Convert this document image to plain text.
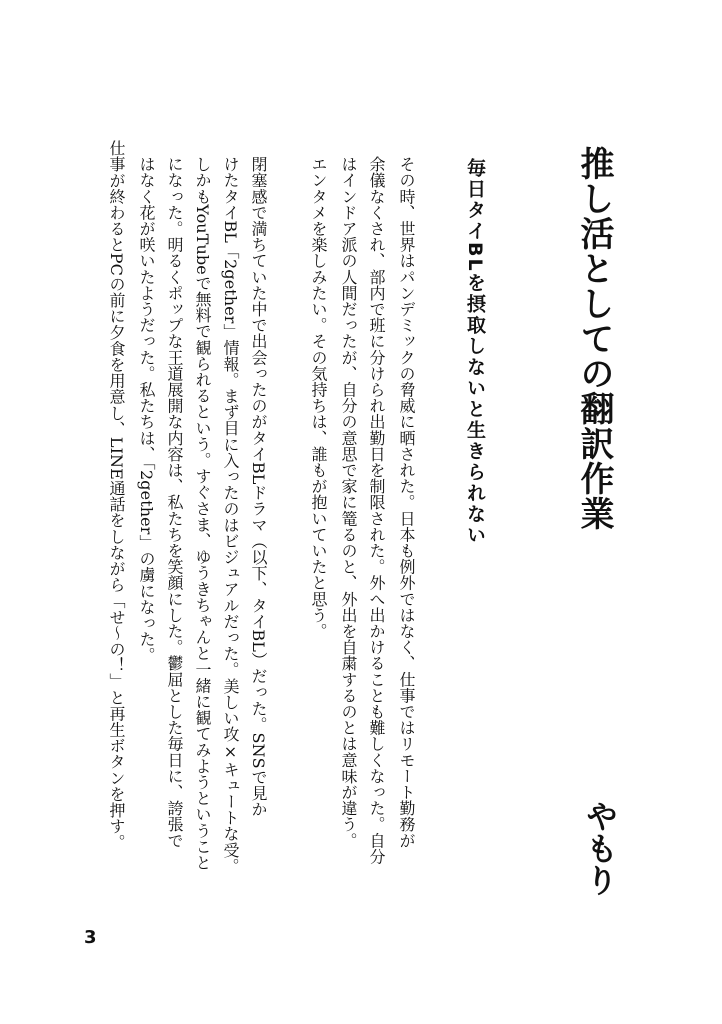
推し活としての翻訳作業
やもり
毎日タイBLを摂取しないと生きられない
その時、世界はパンデミックの脅威に晒された。日本も例外ではなく、仕事ではリモート勤務が
余儀なくされ、部内で班に分けられ出勤日を制限された。外へ出かけることも難しくなった。自分
はインドア派の人間だったが、自分の意思で家に篭るのと、外出を自粛するのとは意味が違う。
エンタメを楽しみたい。その気持ちは、誰もが抱いていたと思う。
閉塞感で満ちていた中で出会ったのがタイBLドラマ（以下、タイBL）だった。SNSで見か
けたタイBL「2gether」情報。まず目に入ったのはビジュアルだった。美しい攻×キュートな受。
しかもYouTubeで無料で観られるという。すぐさま、ゆうきちゃんと一緒に観てみようということ
になった。明るくポップな王道展開な内容は、私たちを笑顔にした。鬱屈とした毎日に、誇張で
はなく花が咲いたようだった。私たちは、「2gether」の虜になった。
仕事が終わるとPCの前に夕食を用意し、LINE通話をしながら「せ～の！」と再生ボタンを押す。
3
